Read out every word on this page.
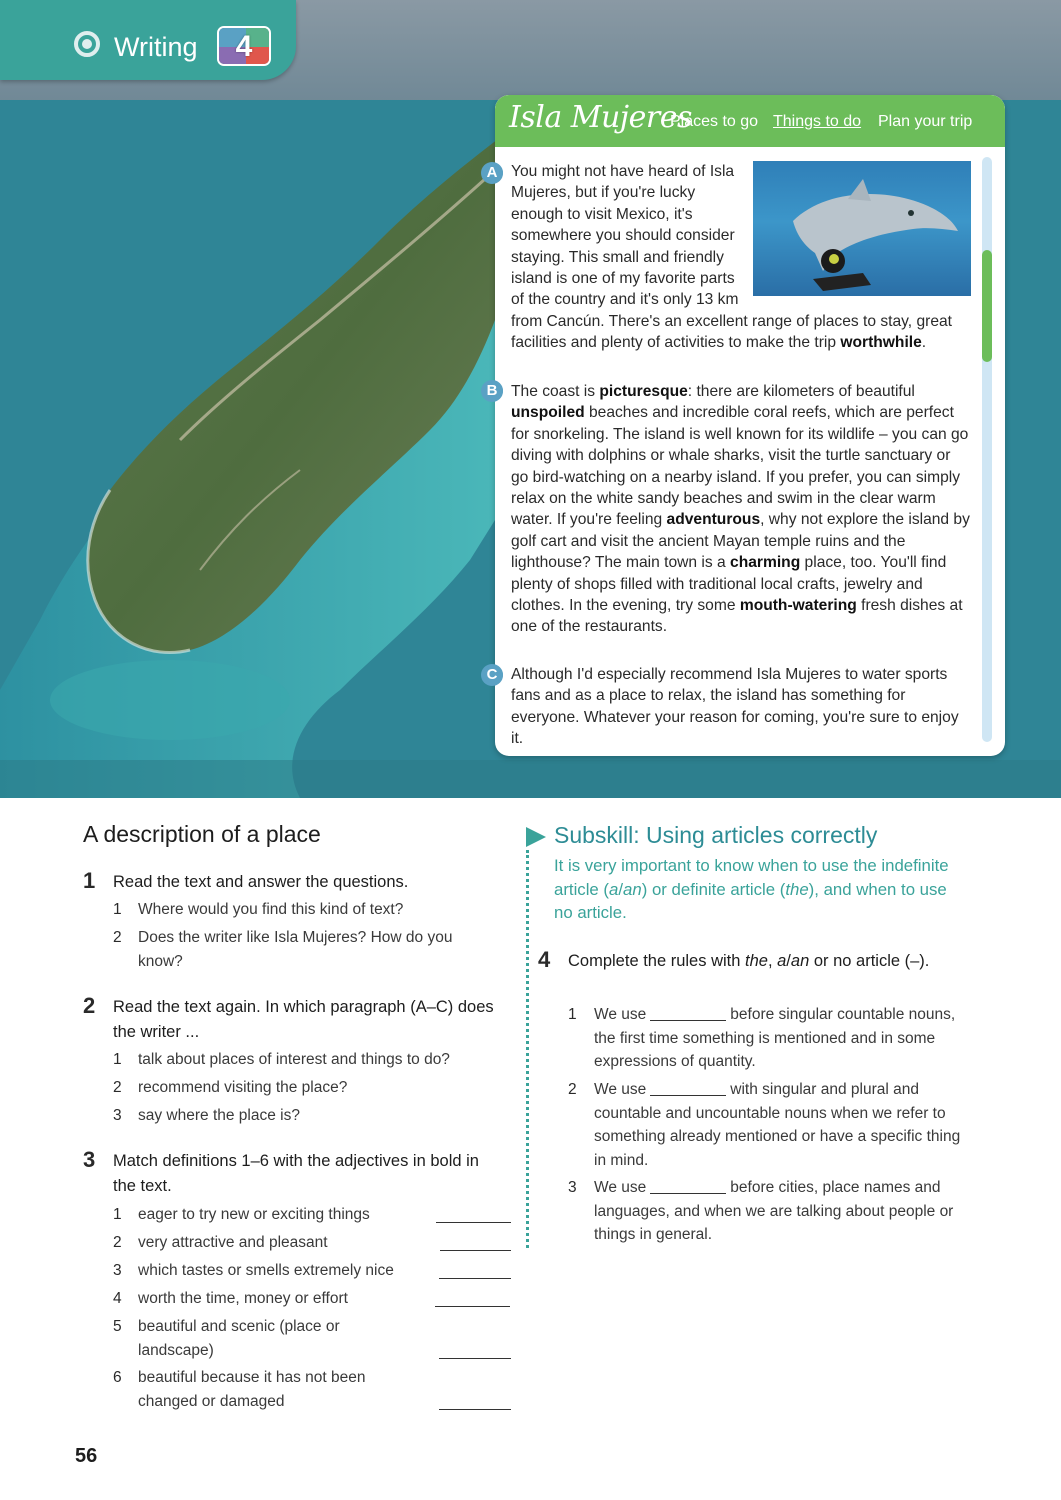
Writing	4
Isla Mujeres
Places to go Things to do Plan your trip
You might not have heard of Isla Mujeres, but if you're lucky enough to visit Mexico, it's somewhere you should consider staying. This small and friendly island is one of my favorite parts of the country and it's only 13 km from Cancún. There's an excellent range of places to stay, great facilities and plenty of activities to make the trip worthwhile.
The coast is picturesque: there are kilometers of beautiful unspoiled beaches and incredible coral reefs, which are perfect for snorkeling. The island is well known for its wildlife – you can go diving with dolphins or whale sharks, visit the turtle sanctuary or go bird-watching on a nearby island. If you prefer, you can simply relax on the white sandy beaches and swim in the clear warm water. If you're feeling adventurous, why not explore the island by golf cart and visit the ancient Mayan temple ruins and the lighthouse? The main town is a charming place, too. You'll find plenty of shops filled with traditional local crafts, jewelry and clothes. In the evening, try some mouth-watering fresh dishes at one of the restaurants.
Although I'd especially recommend Isla Mujeres to water sports fans and as a place to relax, the island has something for everyone. Whatever your reason for coming, you're sure to enjoy it.
A
B
C
A description of a place
1 Read the text and answer the questions.
1 Where would you find this kind of text?
2 Does the writer like Isla Mujeres? How do you know?
2 Read the text again. In which paragraph (A–C) does the writer ...
1 talk about places of interest and things to do?
2 recommend visiting the place?
3 say where the place is?
3 Match definitions 1–6 with the adjectives in bold in the text.
1 eager to try new or exciting things
2 very attractive and pleasant
3 which tastes or smells extremely nice
4 worth the time, money or effort
5 beautiful and scenic (place or landscape)
6 beautiful because it has not been changed or damaged
Subskill: Using articles correctly
It is very important to know when to use the indefinite article (a/an) or definite article (the), and when to use no article.
4 Complete the rules with the, a/an or no article (–).
1 We use	before singular countable nouns, the first time something is mentioned and in some expressions of quantity.
2 We use	with singular and plural and countable and uncountable nouns when we refer to something already mentioned or have a specific thing in mind.
3 We use	before cities, place names and languages, and when we are talking about people or things in general.
56
